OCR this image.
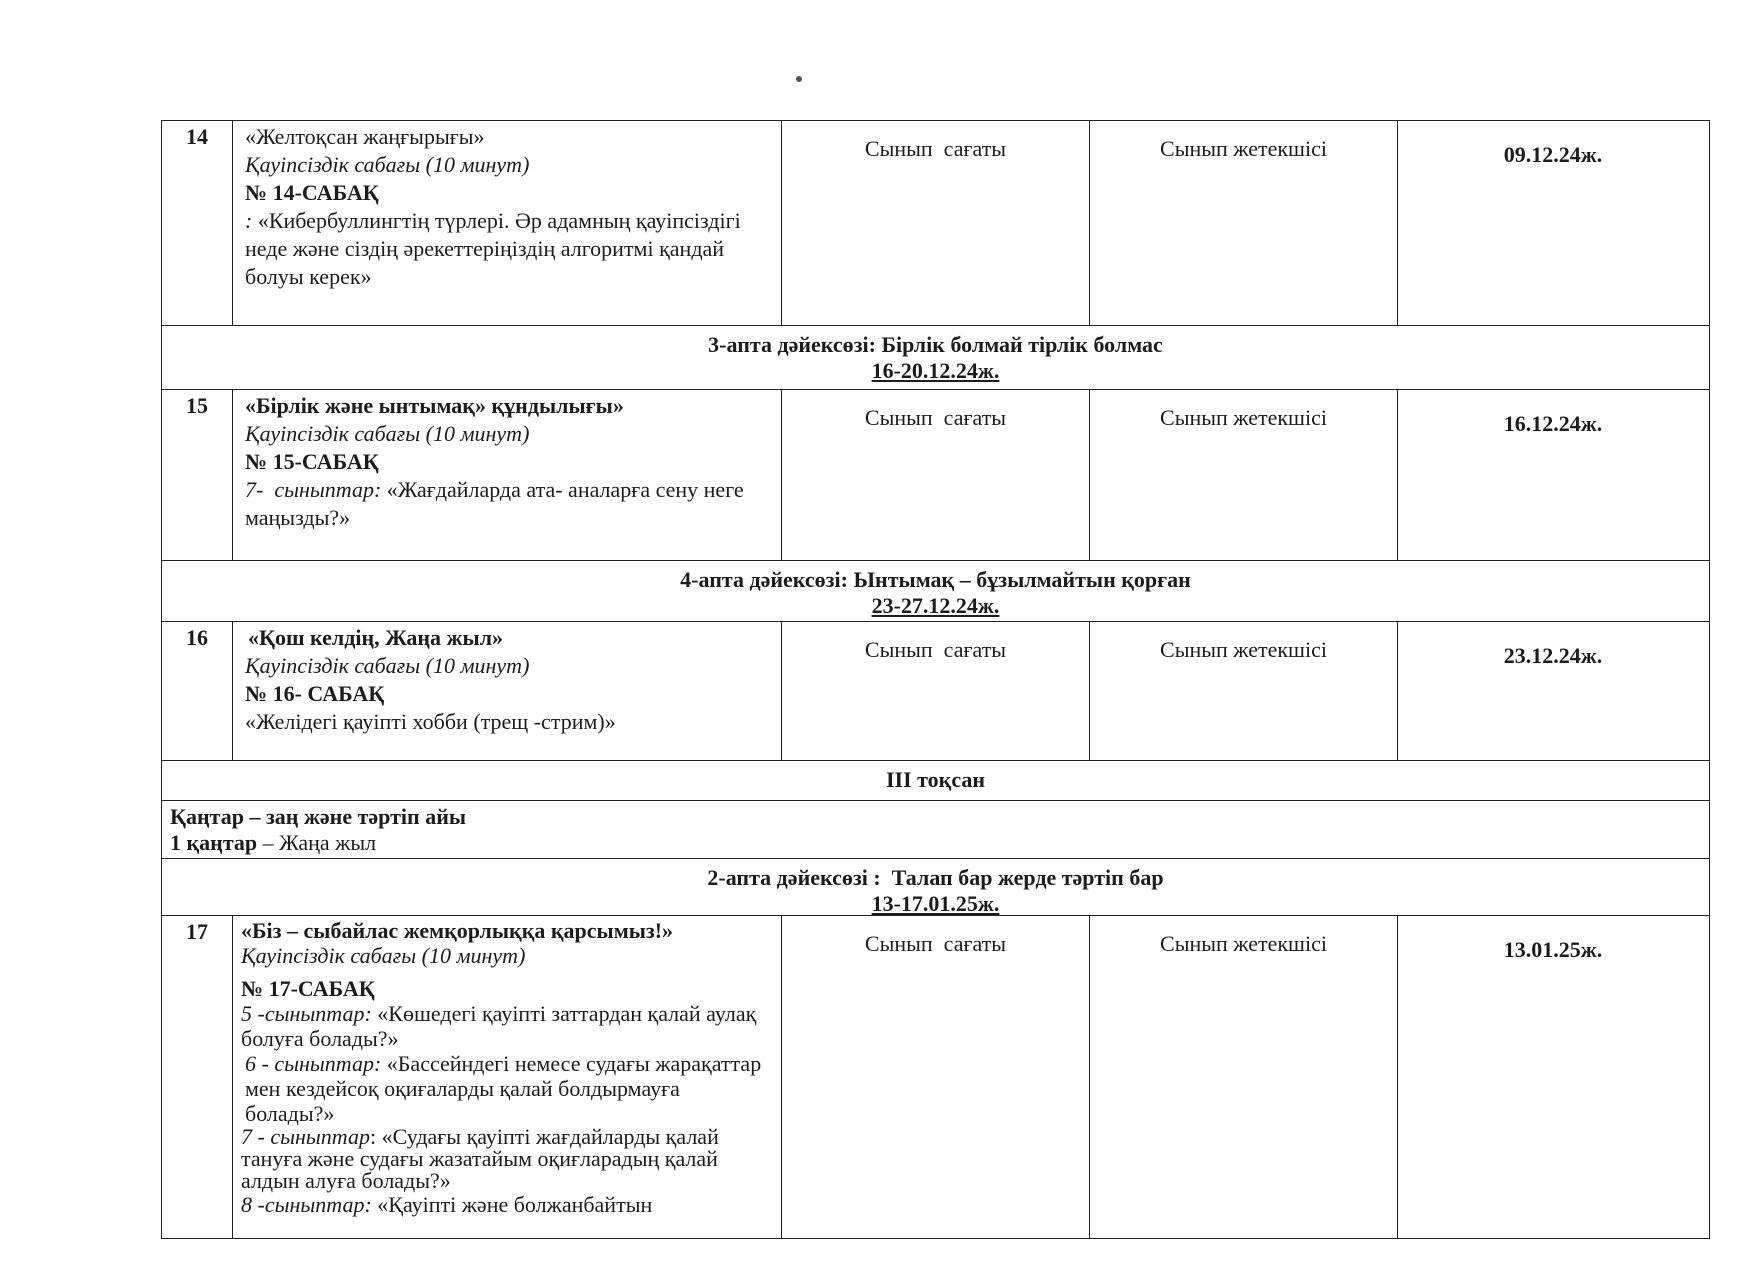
14	«Желтоқсан жаңғырығы»
Қауіпсіздік сабағы (10 минут)
№ 14-САБАҚ
: «Кибербуллингтің түрлері. Әр адамның қауіпсіздігі неде және сіздің әрекеттеріңіздің алгоритмі қандай болуы керек»
Сынып  сағаты	Сынып жетекшісі	09.12.24ж.
3-апта дәйексөзі: Бірлік болмай тірлік болмас
16-20.12.24ж.
15	«Бірлік және ынтымақ» құндылығы»
Қауіпсіздік сабағы (10 минут)
№ 15-САБАҚ
7-  сыныптар: «Жағдайларда ата- аналарға сену неге маңызды?»
Сынып  сағаты	Сынып жетекшісі	16.12.24ж.
4-апта дәйексөзі: Ынтымақ – бұзылмайтын қорған
23-27.12.24ж.
16	«Қош келдің, Жаңа жыл»
Қауіпсіздік сабағы (10 минут)
№ 16- САБАҚ
«Желідегі қауіпті хобби (трещ -стрим)»
Сынып  сағаты	Сынып жетекшісі	23.12.24ж.
III тоқсан
Қаңтар – заң және тәртіп айы
1 қаңтар – Жаңа жыл
2-апта дәйексөзі :  Талап бар жерде тәртіп бар
13-17.01.25ж.
17	«Біз – сыбайлас жемқорлыққа қарсымыз!»
Қауіпсіздік сабағы (10 минут)
№ 17-САБАҚ
5 -сыныптар: «Көшедегі қауіпті заттардан қалай аулақ болуға болады?»
6 - сыныптар: «Бассейндегі немесе судағы жарақаттар мен кездейсоқ оқиғаларды қалай болдырмауға болады?»
7 - сыныптар: «Судағы қауіпті жағдайларды қалай тануға және судағы жазатайым оқиғларадың қалай алдын алуға болады?»
8 -сыныптар: «Қауіпті және болжанбайтын
Сынып  сағаты	Сынып жетекшісі	13.01.25ж.
